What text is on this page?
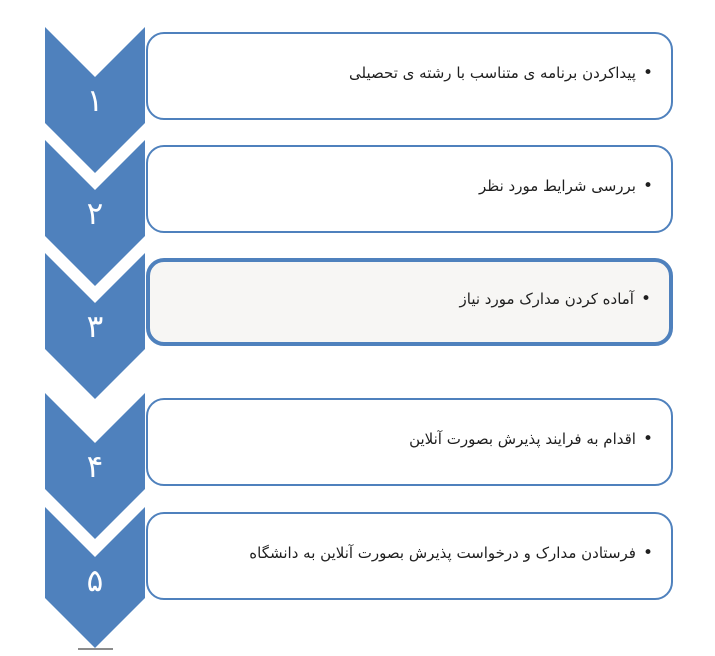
۱
•
پیداکردن برنامه ی متناسب با رشته ی تحصیلی
۲
•
بررسی شرایط مورد نظر
۳
•
آماده کردن مدارک مورد نیاز
۴
•
اقدام به فرایند پذیرش بصورت آنلاین
۵
•
فرستادن مدارک و درخواست پذیرش بصورت آنلاین به دانشگاه
